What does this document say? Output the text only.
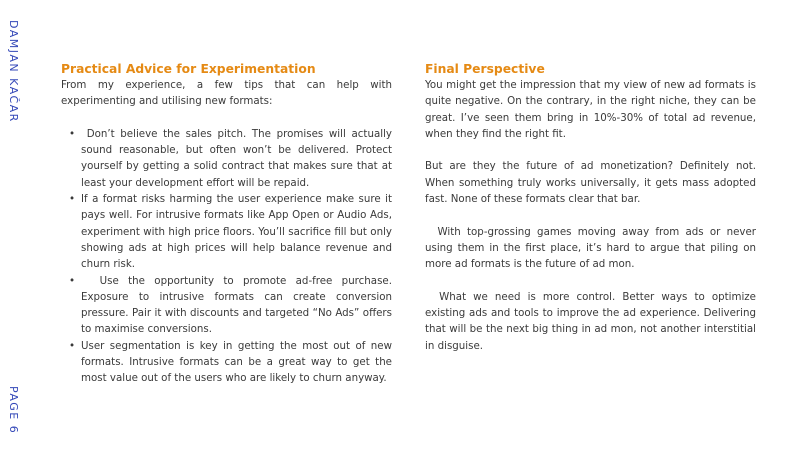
DAMJAN KAČAR
PAGE 6
Practical Advice for Experimentation

From my experience, a few tips that can help with experimenting and utilising new formats:

• Don’t believe the sales pitch. The promises will actually sound reasonable, but often won’t be delivered. Protect yourself by getting a solid contract that makes sure that at least your development effort will be repaid.
• If a format risks harming the user experience make sure it pays well. For intrusive formats like App Open or Audio Ads, experiment with high price floors. You’ll sacrifice fill but only showing ads at high prices will help balance revenue and churn risk.
• Use the opportunity to promote ad-free purchase. Exposure to intrusive formats can create conversion pressure. Pair it with discounts and targeted “No Ads” offers to maximise conversions.
• User segmentation is key in getting the most out of new formats. Intrusive formats can be a great way to get the most value out of the users who are likely to churn anyway.
Final Perspective

You might get the impression that my view of new ad formats is quite negative. On the contrary, in the right niche, they can be great. I’ve seen them bring in 10%-30% of total ad revenue, when they find the right fit.

But are they the future of ad monetization? Definitely not. When something truly works universally, it gets mass adopted fast. None of these formats clear that bar.

With top-grossing games moving away from ads or never using them in the first place, it’s hard to argue that piling on more ad formats is the future of ad mon.

What we need is more control. Better ways to optimize existing ads and tools to improve the ad experience. Delivering that will be the next big thing in ad mon, not another interstitial in disguise.
